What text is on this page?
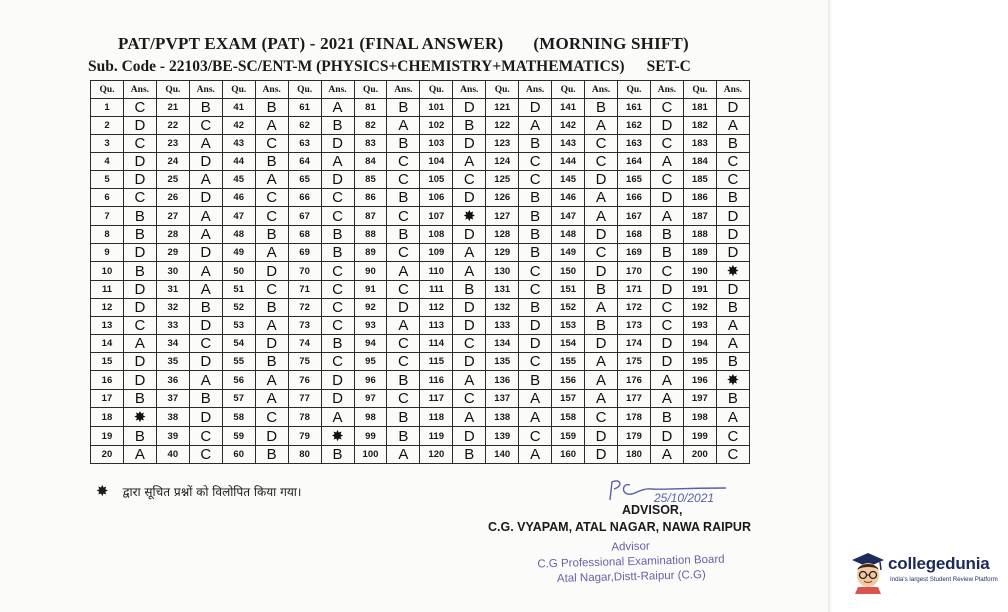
PAT/PVPT EXAM (PAT) - 2021 (FINAL ANSWER) (MORNING SHIFT)
Sub. Code - 22103/BE-SC/ENT-M (PHYSICS+CHEMISTRY+MATHEMATICS) SET-C
Qu.	Ans.	Qu.	Ans.	Qu.	Ans.	Qu.	Ans.	Qu.	Ans.	Qu.	Ans.	Qu.	Ans.	Qu.	Ans.	Qu.	Ans.	Qu.	Ans.
1	C	21	B	41	B	61	A	81	B	101	D	121	D	141	B	161	C	181	D
2	D	22	C	42	A	62	B	82	A	102	B	122	A	142	A	162	D	182	A
3	C	23	A	43	C	63	D	83	B	103	D	123	B	143	C	163	C	183	B
4	D	24	D	44	B	64	A	84	C	104	A	124	C	144	C	164	A	184	C
5	D	25	A	45	A	65	D	85	C	105	C	125	C	145	D	165	C	185	C
6	C	26	D	46	C	66	C	86	B	106	D	126	B	146	A	166	D	186	B
7	B	27	A	47	C	67	C	87	C	107	✸	127	B	147	A	167	A	187	D
8	B	28	A	48	B	68	B	88	B	108	D	128	B	148	D	168	B	188	D
9	D	29	D	49	A	69	B	89	C	109	A	129	B	149	C	169	B	189	D
10	B	30	A	50	D	70	C	90	A	110	A	130	C	150	D	170	C	190	✸
11	D	31	A	51	C	71	C	91	C	111	B	131	C	151	B	171	D	191	D
12	D	32	B	52	B	72	C	92	D	112	D	132	B	152	A	172	C	192	B
13	C	33	D	53	A	73	C	93	A	113	D	133	D	153	B	173	C	193	A
14	A	34	C	54	D	74	B	94	C	114	C	134	D	154	D	174	D	194	A
15	D	35	D	55	B	75	C	95	C	115	D	135	C	155	A	175	D	195	B
16	D	36	A	56	A	76	D	96	B	116	A	136	B	156	A	176	A	196	✸
17	B	37	B	57	A	77	D	97	C	117	C	137	A	157	A	177	A	197	B
18	✸	38	D	58	C	78	A	98	B	118	A	138	A	158	C	178	B	198	A
19	B	39	C	59	D	79	✸	99	B	119	D	139	C	159	D	179	D	199	C
20	A	40	C	60	B	80	B	100	A	120	B	140	A	160	D	180	A	200	C
✸ द्वारा सूचित प्रश्नों को विलोपित किया गया।	25/10/2021
ADVISOR,
C.G. VYAPAM, ATAL NAGAR, NAWA RAIPUR
Advisor
C.G Professional Examination Board
Atal Nagar,Distt-Raipur (C.G)
collegedunia
India's largest Student Review Platform
